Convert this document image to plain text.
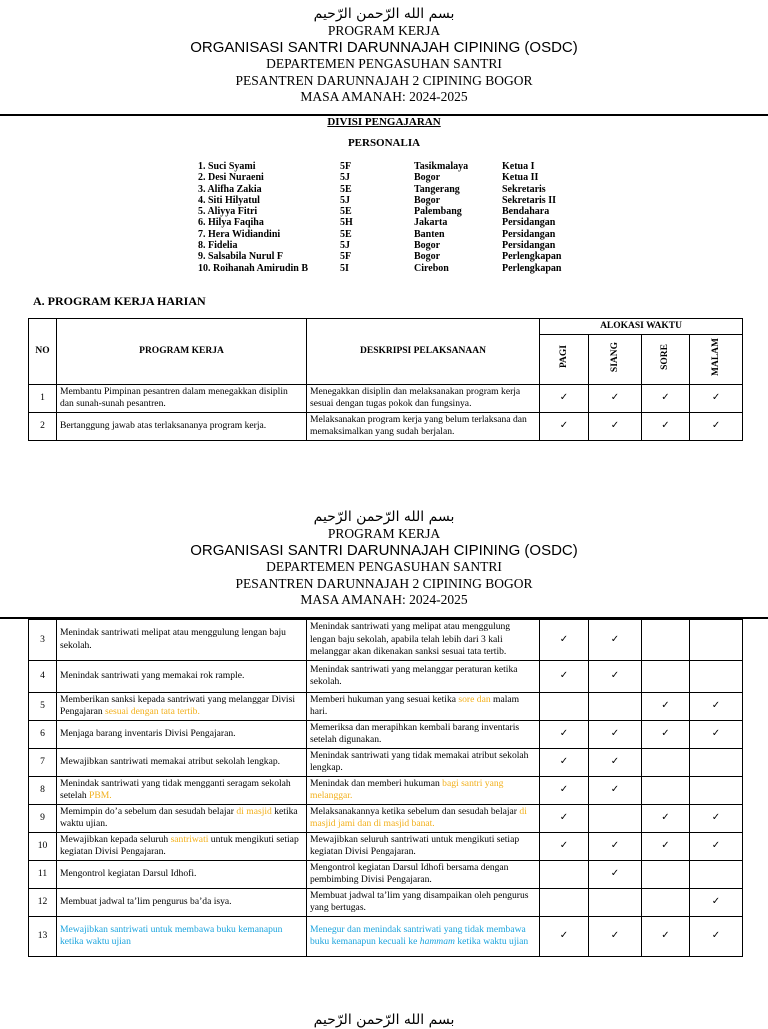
بسم الله الرّحمن الرّحيم
PROGRAM KERJA
ORGANISASI SANTRI DARUNNAJAH CIPINING (OSDC)
DEPARTEMEN PENGASUHAN SANTRI
PESANTREN DARUNNAJAH 2 CIPINING BOGOR
MASA AMANAH: 2024-2025
DIVISI PENGAJARAN
PERSONALIA
1. Suci Syami	5F	Tasikmalaya	Ketua I
2. Desi Nuraeni	5J	Bogor	Ketua II
3. Alifha Zakia	5E	Tangerang	Sekretaris
4. Siti Hilyatul	5J	Bogor	Sekretaris II
5. Aliyya Fitri	5E	Palembang	Bendahara
6. Hilya Faqiha	5H	Jakarta	Persidangan
7. Hera Widiandini	5E	Banten	Persidangan
8. Fidelia	5J	Bogor	Persidangan
9. Salsabila Nurul F	5F	Bogor	Perlengkapan
10. Roihanah Amirudin B	5I	Cirebon	Perlengkapan
A. PROGRAM KERJA HARIAN
NO	PROGRAM KERJA	DESKRIPSI PELAKSANAAN	ALOKASI WAKTU			
			PAGI	SIANG	SORE	MALAM
1	Membantu Pimpinan pesantren dalam menegakkan disiplin dan sunah-sunah pesantren.	Menegakkan disiplin dan melaksanakan program kerja sesuai dengan tugas pokok dan fungsinya.	✓	✓	✓	✓
2	Bertanggung jawab atas terlaksananya program kerja.	Melaksanakan program kerja yang belum terlaksana dan memaksimalkan yang sudah berjalan.	✓	✓	✓	✓
بسم الله الرّحمن الرّحيم
PROGRAM KERJA
ORGANISASI SANTRI DARUNNAJAH CIPINING (OSDC)
DEPARTEMEN PENGASUHAN SANTRI
PESANTREN DARUNNAJAH 2 CIPINING BOGOR
MASA AMANAH: 2024-2025
3	Menindak santriwati melipat atau menggulung lengan baju sekolah.	Menindak santriwati yang melipat atau menggulung lengan baju sekolah, apabila telah lebih dari 3 kali melanggar akan dikenakan sanksi sesuai tata tertib.	✓	✓		
4	Menindak santriwati yang memakai rok rample.	Menindak santriwati yang melanggar peraturan ketika sekolah.	✓	✓		
5	Memberikan sanksi kepada santriwati yang melanggar Divisi Pengajaran sesuai dengan tata tertib.	Memberi hukuman yang sesuai ketika sore dan malam hari.			✓	✓
6	Menjaga barang inventaris Divisi Pengajaran.	Memeriksa dan merapihkan kembali barang inventaris setelah digunakan.	✓	✓	✓	✓
7	Mewajibkan santriwati memakai atribut sekolah lengkap.	Menindak santriwati yang tidak memakai atribut sekolah lengkap.	✓	✓		
8	Menindak santriwati yang tidak mengganti seragam sekolah setelah PBM.	Menindak dan memberi hukuman bagi santri yang melanggar.	✓	✓		
9	Memimpin do’a sebelum dan sesudah belajar di masjid ketika waktu ujian.	Melaksanakannya ketika sebelum dan sesudah belajar di masjid jami dan di masjid banat.	✓		✓	✓
10	Mewajibkan kepada seluruh santriwati untuk mengikuti setiap kegiatan Divisi Pengajaran.	Mewajibkan seluruh santriwati untuk mengikuti setiap kegiatan Divisi Pengajaran.	✓	✓	✓	✓
11	Mengontrol kegiatan Darsul Idhofi.	Mengontrol kegiatan Darsul Idhofi bersama dengan pembimbing Divisi Pengajaran.		✓		
12	Membuat jadwal ta’lim pengurus ba’da isya.	Membuat jadwal ta’lim yang disampaikan oleh pengurus yang bertugas.				✓
13	Mewajibkan santriwati untuk membawa buku kemanapun ketika waktu ujian	Menegur dan menindak santriwati yang tidak membawa buku kemanapun kecuali ke hammam ketika waktu ujian	✓	✓	✓	✓
بسم الله الرّحمن الرّحيم
